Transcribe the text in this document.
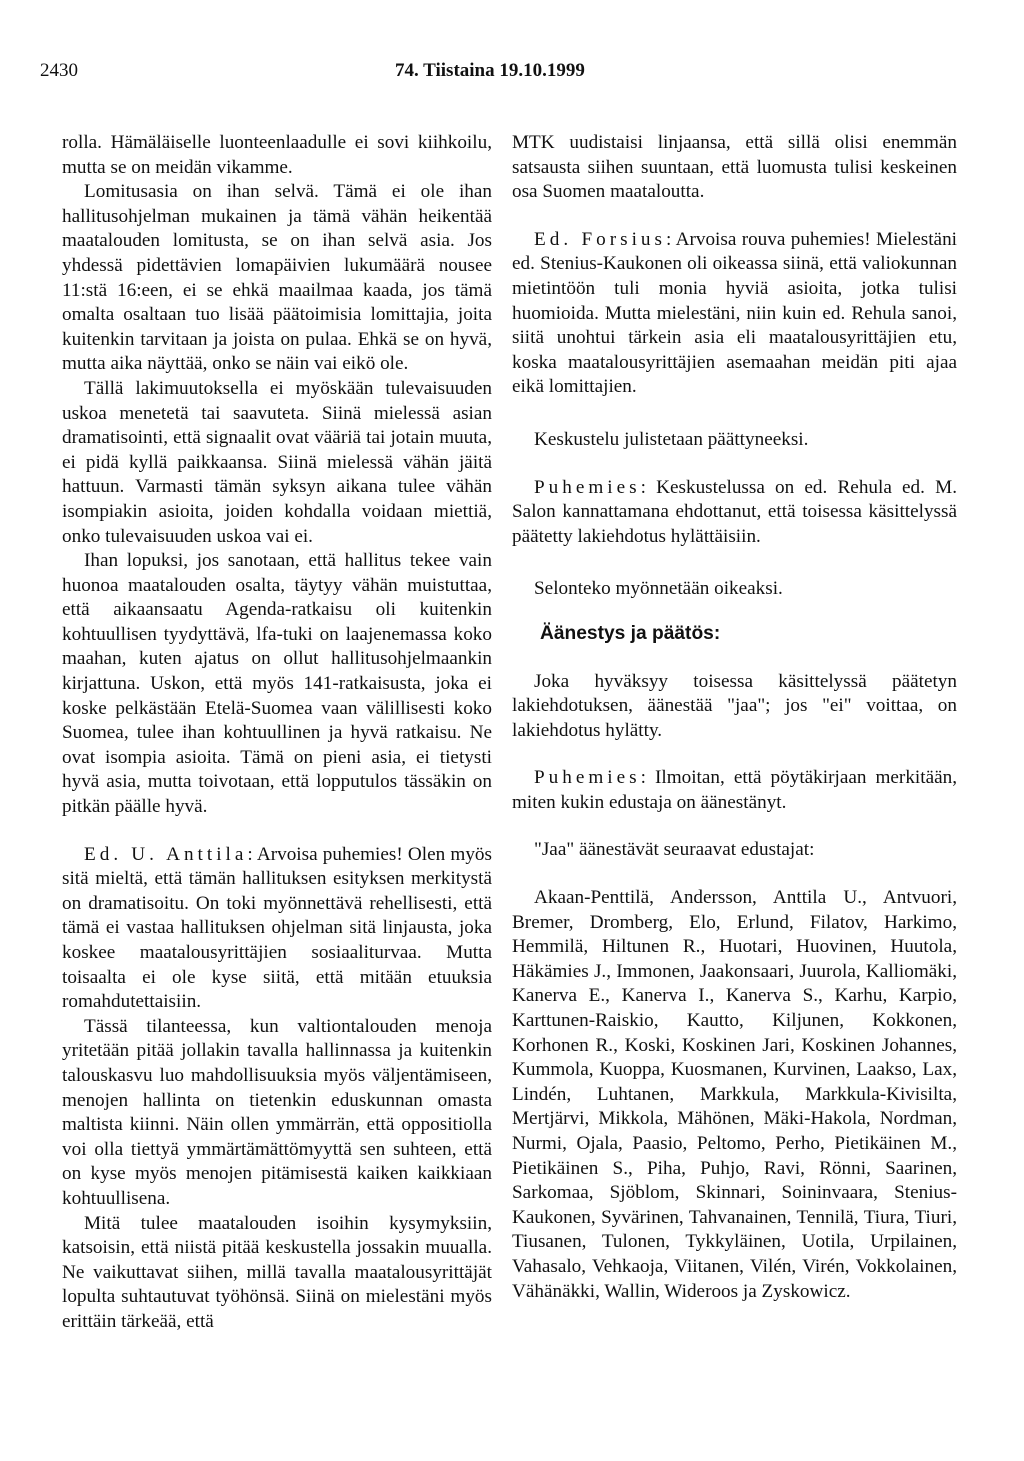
2430	74. Tiistaina 19.10.1999

rolla. Hämäläiselle luonteenlaadulle ei sovi kiihkoilu, mutta se on meidän vikamme.

Lomitusasia on ihan selvä. Tämä ei ole ihan hallitusohjelman mukainen ja tämä vähän heikentää maatalouden lomitusta, se on ihan selvä asia. Jos yhdessä pidettävien lomapäivien lukumäärä nousee 11:stä 16:een, ei se ehkä maailmaa kaada, jos tämä omalta osaltaan tuo lisää päätoimisia lomittajia, joita kuitenkin tarvitaan ja joista on pulaa. Ehkä se on hyvä, mutta aika näyttää, onko se näin vai eikö ole.

Tällä lakimuutoksella ei myöskään tulevaisuuden uskoa menetetä tai saavuteta. Siinä mielessä asian dramatisointi, että signaalit ovat vääriä tai jotain muuta, ei pidä kyllä paikkaansa. Siinä mielessä vähän jäitä hattuun. Varmasti tämän syksyn aikana tulee vähän isompiakin asioita, joiden kohdalla voidaan miettiä, onko tulevaisuuden uskoa vai ei.

Ihan lopuksi, jos sanotaan, että hallitus tekee vain huonoa maatalouden osalta, täytyy vähän muistuttaa, että aikaansaatu Agenda-ratkaisu oli kuitenkin kohtuullisen tyydyttävä, lfa-tuki on laajenemassa koko maahan, kuten ajatus on ollut hallitusohjelmaankin kirjattuna. Uskon, että myös 141-ratkaisusta, joka ei koske pelkästään Etelä-Suomea vaan välillisesti koko Suomea, tulee ihan kohtuullinen ja hyvä ratkaisu. Ne ovat isompia asioita. Tämä on pieni asia, ei tietysti hyvä asia, mutta toivotaan, että lopputulos tässäkin on pitkän päälle hyvä.

Ed. U. Anttila: Arvoisa puhemies! Olen myös sitä mieltä, että tämän hallituksen esityksen merkitystä on dramatisoitu. On toki myönnettävä rehellisesti, että tämä ei vastaa hallituksen ohjelman sitä linjausta, joka koskee maatalousyrittäjien sosiaaliturvaa. Mutta toisaalta ei ole kyse siitä, että mitään etuuksia romahdutettaisiin.

Tässä tilanteessa, kun valtiontalouden menoja yritetään pitää jollakin tavalla hallinnassa ja kuitenkin talouskasvu luo mahdollisuuksia myös väljentämiseen, menojen hallinta on tietenkin eduskunnan omasta maltista kiinni. Näin ollen ymmärrän, että oppositiolla voi olla tiettyä ymmärtämättömyyttä sen suhteen, että on kyse myös menojen pitämisestä kaiken kaikkiaan kohtuullisena.

Mitä tulee maatalouden isoihin kysymyksiin, katsoisin, että niistä pitää keskustella jossakin muualla. Ne vaikuttavat siihen, millä tavalla maatalousyrittäjät lopulta suhtautuvat työhönsä. Siinä on mielestäni myös erittäin tärkeää, että

MTK uudistaisi linjaansa, että sillä olisi enemmän satsausta siihen suuntaan, että luomusta tulisi keskeinen osa Suomen maataloutta.

Ed. Forsius: Arvoisa rouva puhemies! Mielestäni ed. Stenius-Kaukonen oli oikeassa siinä, että valiokunnan mietintöön tuli monia hyviä asioita, jotka tulisi huomioida. Mutta mielestäni, niin kuin ed. Rehula sanoi, siitä unohtui tärkein asia eli maatalousyrittäjien etu, koska maatalousyrittäjien asemaahan meidän piti ajaa eikä lomittajien.

Keskustelu julistetaan päättyneeksi.

Puhemies: Keskustelussa on ed. Rehula ed. M. Salon kannattamana ehdottanut, että toisessa käsittelyssä päätetty lakiehdotus hylättäisiin.

Selonteko myönnetään oikeaksi.

Äänestys ja päätös:

Joka hyväksyy toisessa käsittelyssä päätetyn lakiehdotuksen, äänestää "jaa"; jos "ei" voittaa, on lakiehdotus hylätty.

Puhemies: Ilmoitan, että pöytäkirjaan merkitään, miten kukin edustaja on äänestänyt.

"Jaa" äänestävät seuraavat edustajat:

Akaan-Penttilä, Andersson, Anttila U., Antvuori, Bremer, Dromberg, Elo, Erlund, Filatov, Harkimo, Hemmilä, Hiltunen R., Huotari, Huovinen, Huutola, Häkämies J., Immonen, Jaakonsaari, Juurola, Kalliomäki, Kanerva E., Kanerva I., Kanerva S., Karhu, Karpio, Karttunen-Raiskio, Kautto, Kiljunen, Kokkonen, Korhonen R., Koski, Koskinen Jari, Koskinen Johannes, Kummola, Kuoppa, Kuosmanen, Kurvinen, Laakso, Lax, Lindén, Luhtanen, Markkula, Markkula-Kivisilta, Mertjärvi, Mikkola, Mähönen, Mäki-Hakola, Nordman, Nurmi, Ojala, Paasio, Peltomo, Perho, Pietikäinen M., Pietikäinen S., Piha, Puhjo, Ravi, Rönni, Saarinen, Sarkomaa, Sjöblom, Skinnari, Soininvaara, Stenius-Kaukonen, Syvärinen, Tahvanainen, Tennilä, Tiura, Tiuri, Tiusanen, Tulonen, Tykkyläinen, Uotila, Urpilainen, Vahasalo, Vehkaoja, Viitanen, Vilén, Virén, Vokkolainen, Vähänäkki, Wallin, Wideroos ja Zyskowicz.
